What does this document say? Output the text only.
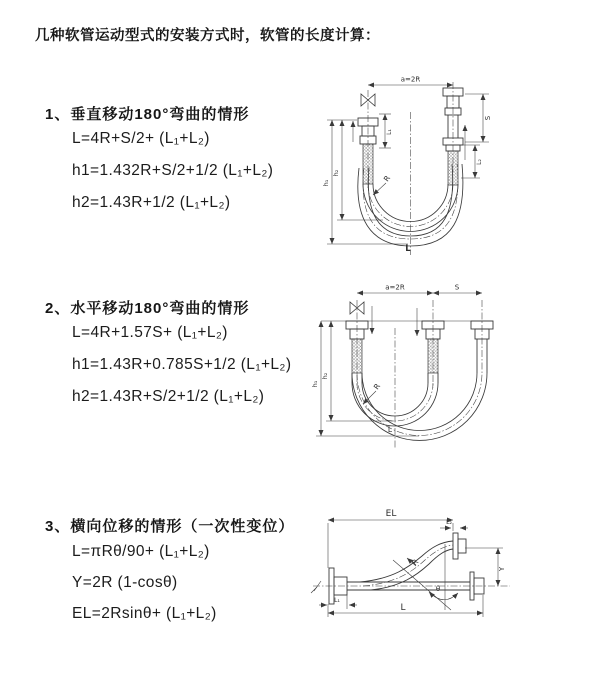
几种软管运动型式的安装方式时，软管的长度计算：
1、垂直移动180°弯曲的情形
L=4R+S/2+ (L₁+L₂)
h1=1.432R+S/2+1/2 (L₁+L₂)
h2=1.43R+1/2 (L₁+L₂)
2、水平移动180°弯曲的情形
L=4R+1.57S+ (L₁+L₂)
h1=1.43R+0.785S+1/2 (L₁+L₂)
h2=1.43R+S/2+1/2 (L₁+L₂)
3、横向位移的情形（一次性变位）
L=πRθ/90+ (L₁+L₂)
Y=2R (1-cosθ)
EL=2Rsinθ+ (L₁+L₂)
a=2R
h₁
h₂
L₁
S
L₂
R
L
a=2R	S
h₁
h₂
R
L
EL
L₂
Y
θ
R
L
L₁
